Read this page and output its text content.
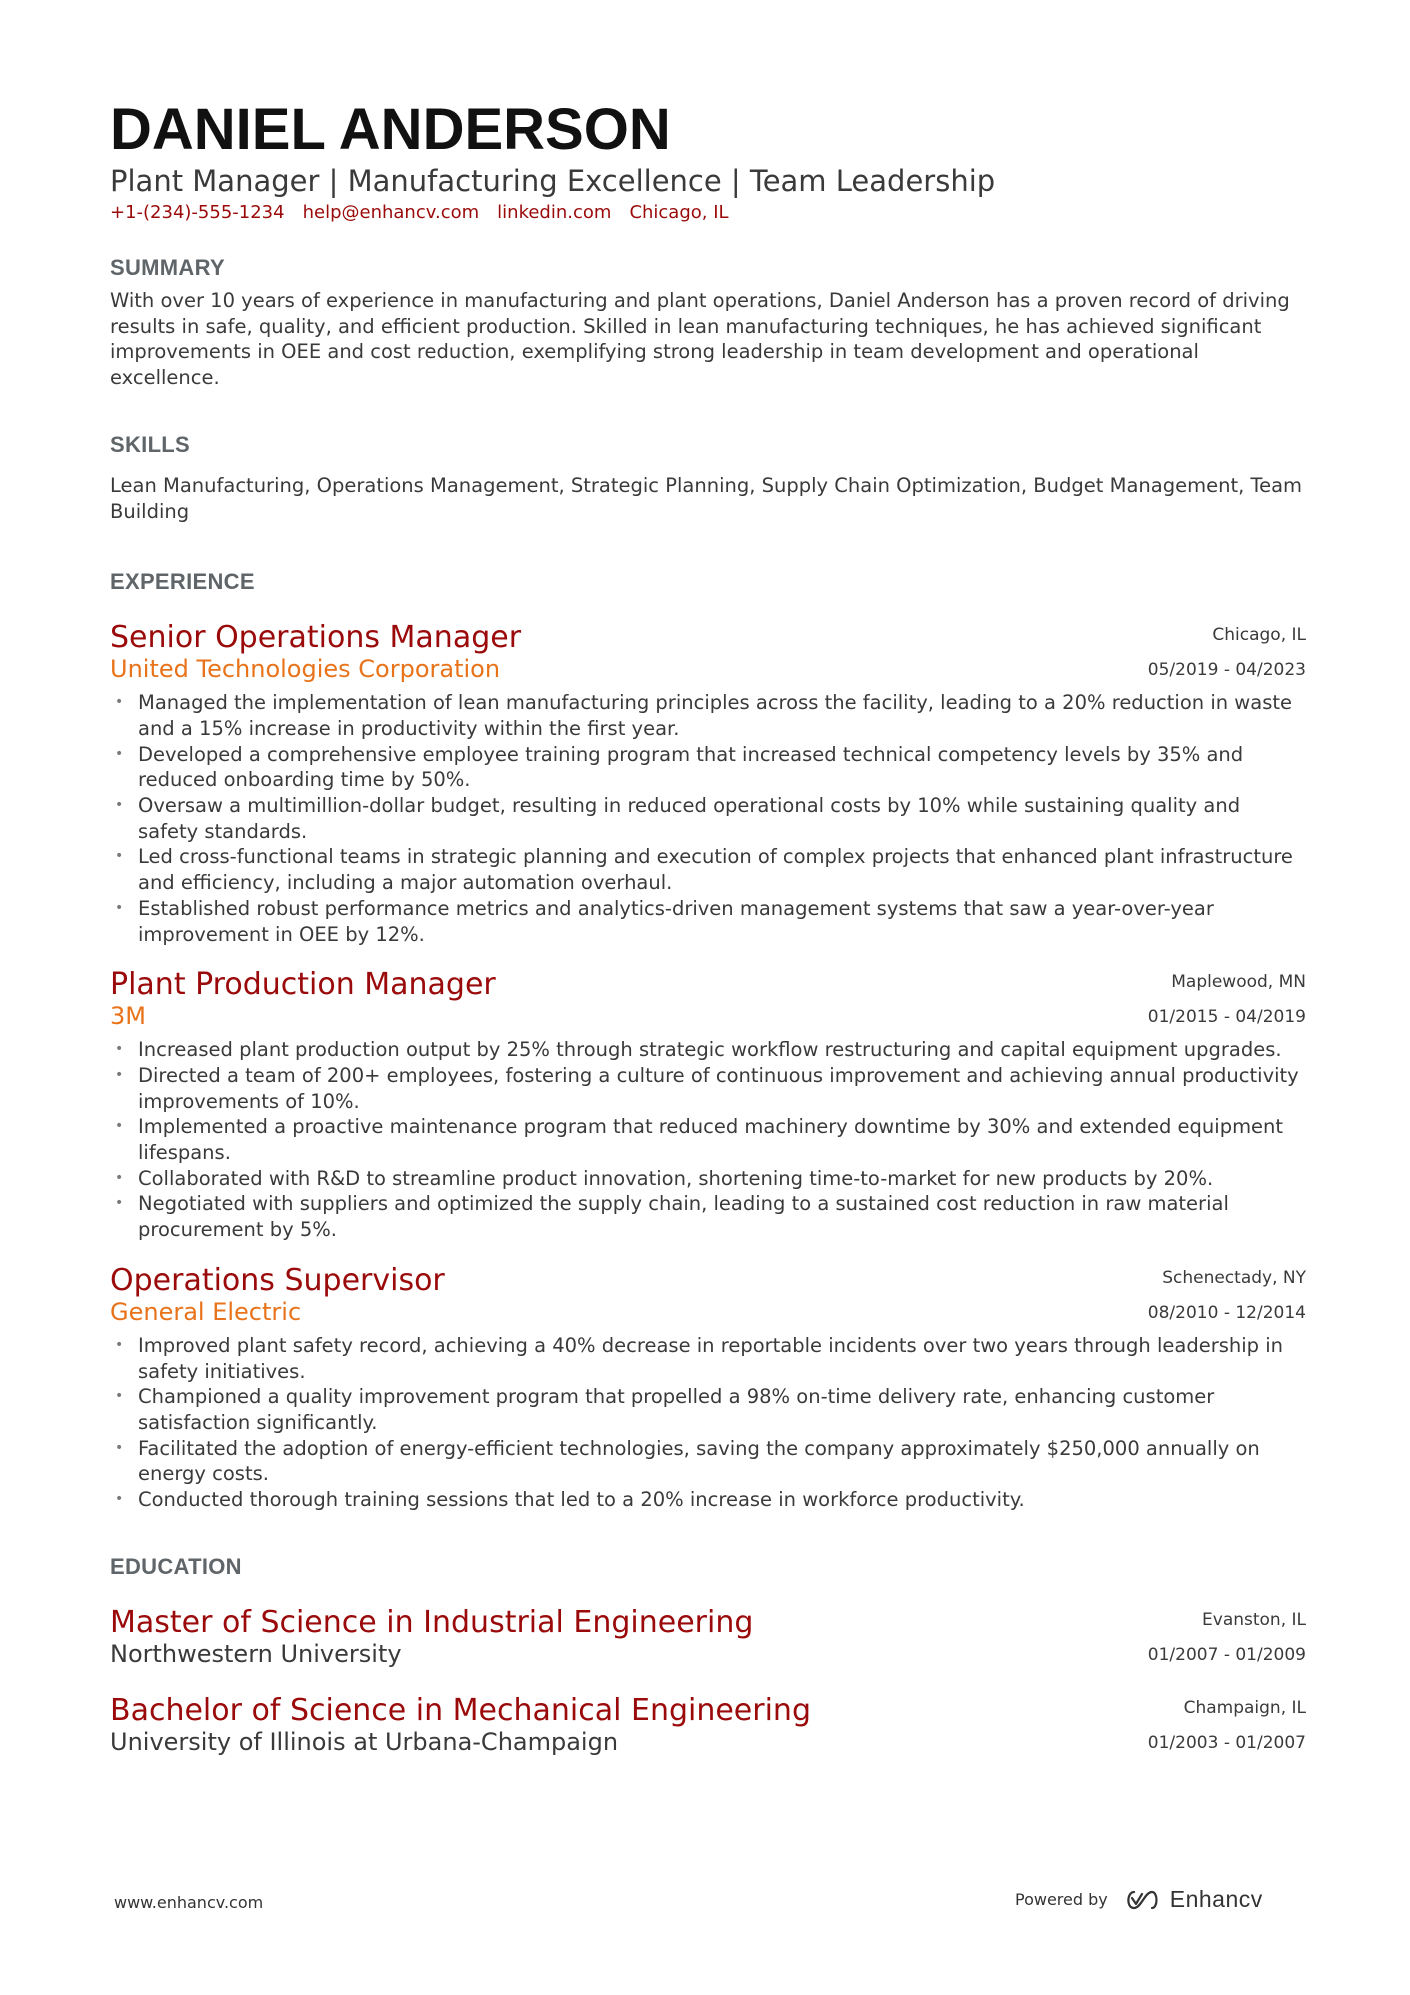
DANIEL ANDERSON
Plant Manager | Manufacturing Excellence | Team Leadership
+1-(234)-555-1234 help@enhancv.com linkedin.com Chicago, IL
SUMMARY
With over 10 years of experience in manufacturing and plant operations, Daniel Anderson has a proven record of driving results in safe, quality, and efficient production. Skilled in lean manufacturing techniques, he has achieved significant improvements in OEE and cost reduction, exemplifying strong leadership in team development and operational excellence.
SKILLS
Lean Manufacturing, Operations Management, Strategic Planning, Supply Chain Optimization, Budget Management, Team Building
EXPERIENCE
Senior Operations Manager
United Technologies Corporation
Chicago, IL
05/2019 - 04/2023
• Managed the implementation of lean manufacturing principles across the facility, leading to a 20% reduction in waste and a 15% increase in productivity within the first year.
• Developed a comprehensive employee training program that increased technical competency levels by 35% and reduced onboarding time by 50%.
• Oversaw a multimillion-dollar budget, resulting in reduced operational costs by 10% while sustaining quality and safety standards.
• Led cross-functional teams in strategic planning and execution of complex projects that enhanced plant infrastructure and efficiency, including a major automation overhaul.
• Established robust performance metrics and analytics-driven management systems that saw a year-over-year improvement in OEE by 12%.
Plant Production Manager
3M
Maplewood, MN
01/2015 - 04/2019
• Increased plant production output by 25% through strategic workflow restructuring and capital equipment upgrades.
• Directed a team of 200+ employees, fostering a culture of continuous improvement and achieving annual productivity improvements of 10%.
• Implemented a proactive maintenance program that reduced machinery downtime by 30% and extended equipment lifespans.
• Collaborated with R&D to streamline product innovation, shortening time-to-market for new products by 20%.
• Negotiated with suppliers and optimized the supply chain, leading to a sustained cost reduction in raw material procurement by 5%.
Operations Supervisor
General Electric
Schenectady, NY
08/2010 - 12/2014
• Improved plant safety record, achieving a 40% decrease in reportable incidents over two years through leadership in safety initiatives.
• Championed a quality improvement program that propelled a 98% on-time delivery rate, enhancing customer satisfaction significantly.
• Facilitated the adoption of energy-efficient technologies, saving the company approximately $250,000 annually on energy costs.
• Conducted thorough training sessions that led to a 20% increase in workforce productivity.
EDUCATION
Master of Science in Industrial Engineering
Northwestern University
Evanston, IL
01/2007 - 01/2009
Bachelor of Science in Mechanical Engineering
University of Illinois at Urbana-Champaign
Champaign, IL
01/2003 - 01/2007
www.enhancv.com	Powered by	Enhancv
